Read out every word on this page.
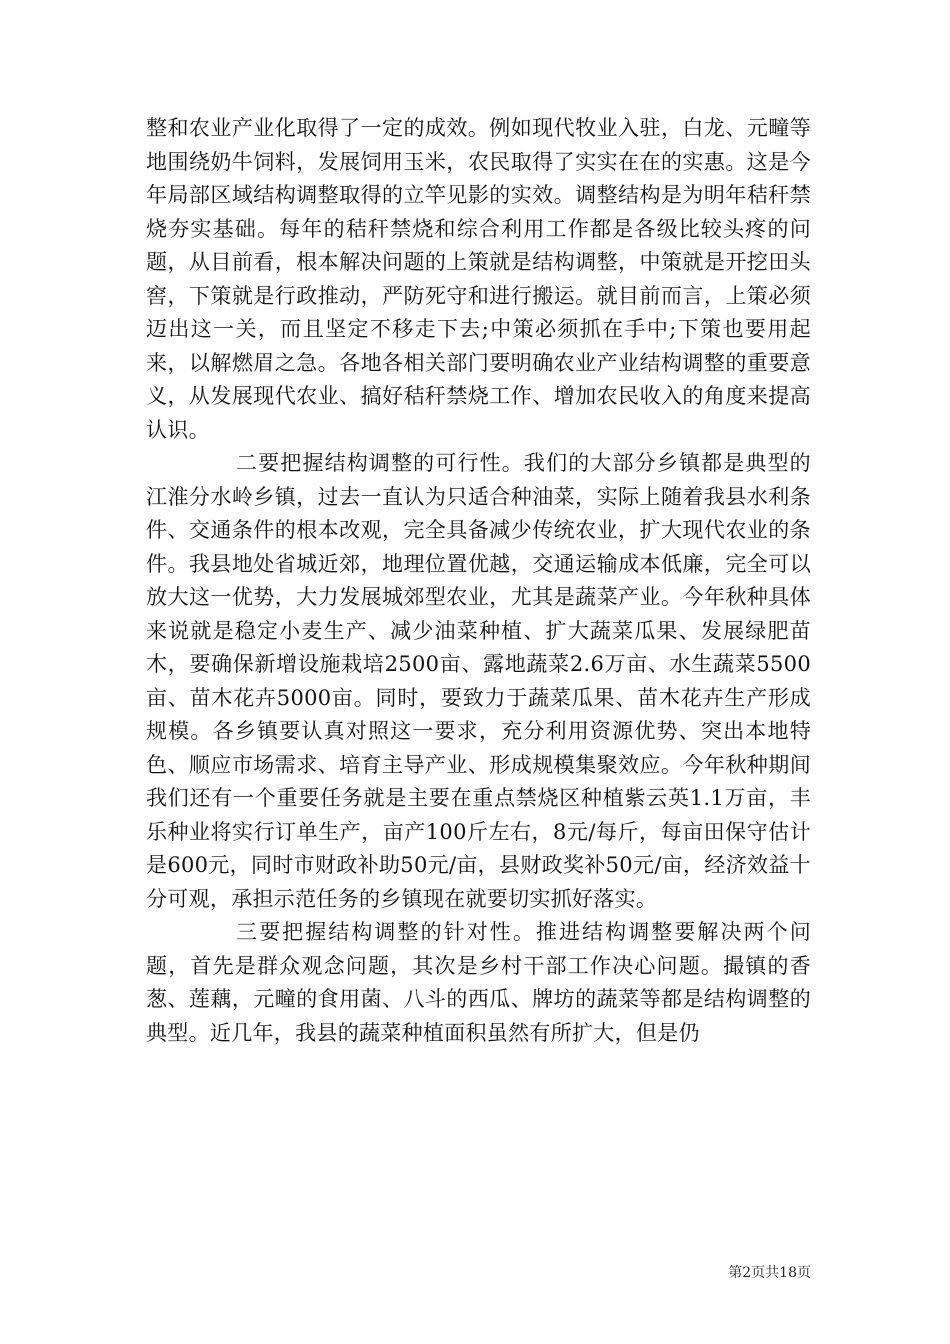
整和农业产业化取得了一定的成效。例如现代牧业入驻，白龙、元疃等地围绕奶牛饲料，发展饲用玉米，农民取得了实实在在的实惠。这是今年局部区域结构调整取得的立竿见影的实效。调整结构是为明年秸秆禁烧夯实基础。每年的秸秆禁烧和综合利用工作都是各级比较头疼的问题，从目前看，根本解决问题的上策就是结构调整，中策就是开挖田头窖，下策就是行政推动，严防死守和进行搬运。就目前而言，上策必须迈出这一关，而且坚定不移走下去;中策必须抓在手中;下策也要用起来，以解燃眉之急。各地各相关部门要明确农业产业结构调整的重要意义，从发展现代农业、搞好秸秆禁烧工作、增加农民收入的角度来提高认识。

二要把握结构调整的可行性。我们的大部分乡镇都是典型的江淮分水岭乡镇，过去一直认为只适合种油菜，实际上随着我县水利条件、交通条件的根本改观，完全具备减少传统农业，扩大现代农业的条件。我县地处省城近郊，地理位置优越，交通运输成本低廉，完全可以放大这一优势，大力发展城郊型农业，尤其是蔬菜产业。今年秋种具体来说就是稳定小麦生产、减少油菜种植、扩大蔬菜瓜果、发展绿肥苗木，要确保新增设施栽培2500亩、露地蔬菜2.6万亩、水生蔬菜5500亩、苗木花卉5000亩。同时，要致力于蔬菜瓜果、苗木花卉生产形成规模。各乡镇要认真对照这一要求，充分利用资源优势、突出本地特色、顺应市场需求、培育主导产业、形成规模集聚效应。今年秋种期间我们还有一个重要任务就是主要在重点禁烧区种植紫云英1.1万亩，丰乐种业将实行订单生产，亩产100斤左右，8元/每斤，每亩田保守估计是600元，同时市财政补助50元/亩，县财政奖补50元/亩，经济效益十分可观，承担示范任务的乡镇现在就要切实抓好落实。

三要把握结构调整的针对性。推进结构调整要解决两个问题，首先是群众观念问题，其次是乡村干部工作决心问题。撮镇的香葱、莲藕，元疃的食用菌、八斗的西瓜、牌坊的蔬菜等都是结构调整的典型。近几年，我县的蔬菜种植面积虽然有所扩大，但是仍

第2页共18页
